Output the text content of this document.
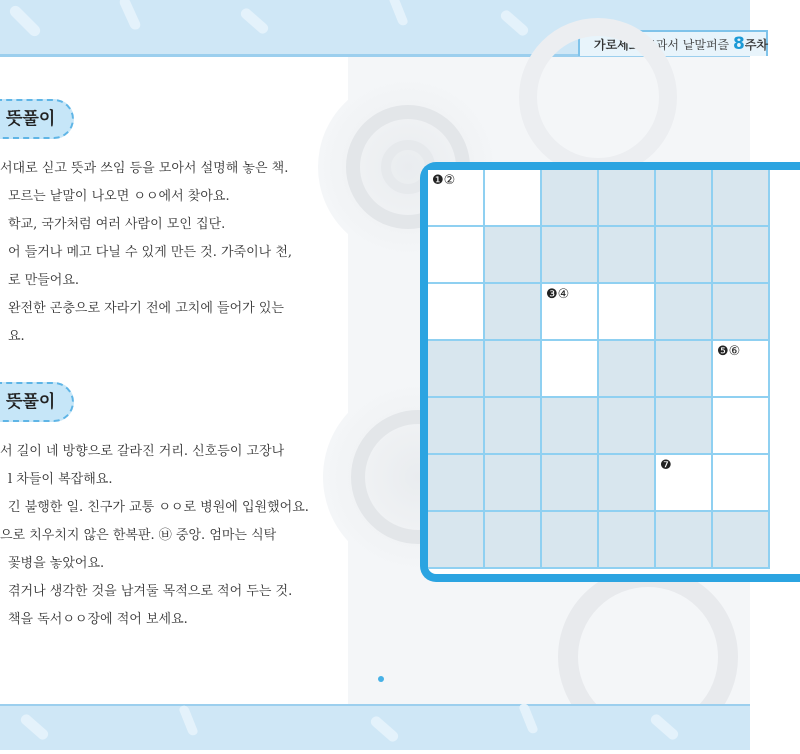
가로세로 교과서 낱말퍼즐 8주차
뜻풀이
서대로 싣고 뜻과 쓰임 등을 모아서 설명해 놓은 책.
모르는 낱말이 나오면 ㅇㅇ에서 찾아요.
학교, 국가처럼 여러 사람이 모인 집단.
어 들거나 메고 다닐 수 있게 만든 것. 가죽이나 천,
로 만들어요.
완전한 곤충으로 자라기 전에 고치에 들어가 있는
요.
뜻풀이
서 길이 네 방향으로 갈라진 거리. 신호등이 고장나
l 차들이 복잡해요.
긴 불행한 일. 친구가 교통 ㅇㅇ로 병원에 입원했어요.
으로 치우치지 않은 한복판. ㉥ 중앙. 엄마는 식탁
꽃병을 놓았어요.
겪거나 생각한 것을 남겨둘 목적으로 적어 두는 것.
책을 독서ㅇㅇ장에 적어 보세요.
❶②
❸④
❺⑥
❼
